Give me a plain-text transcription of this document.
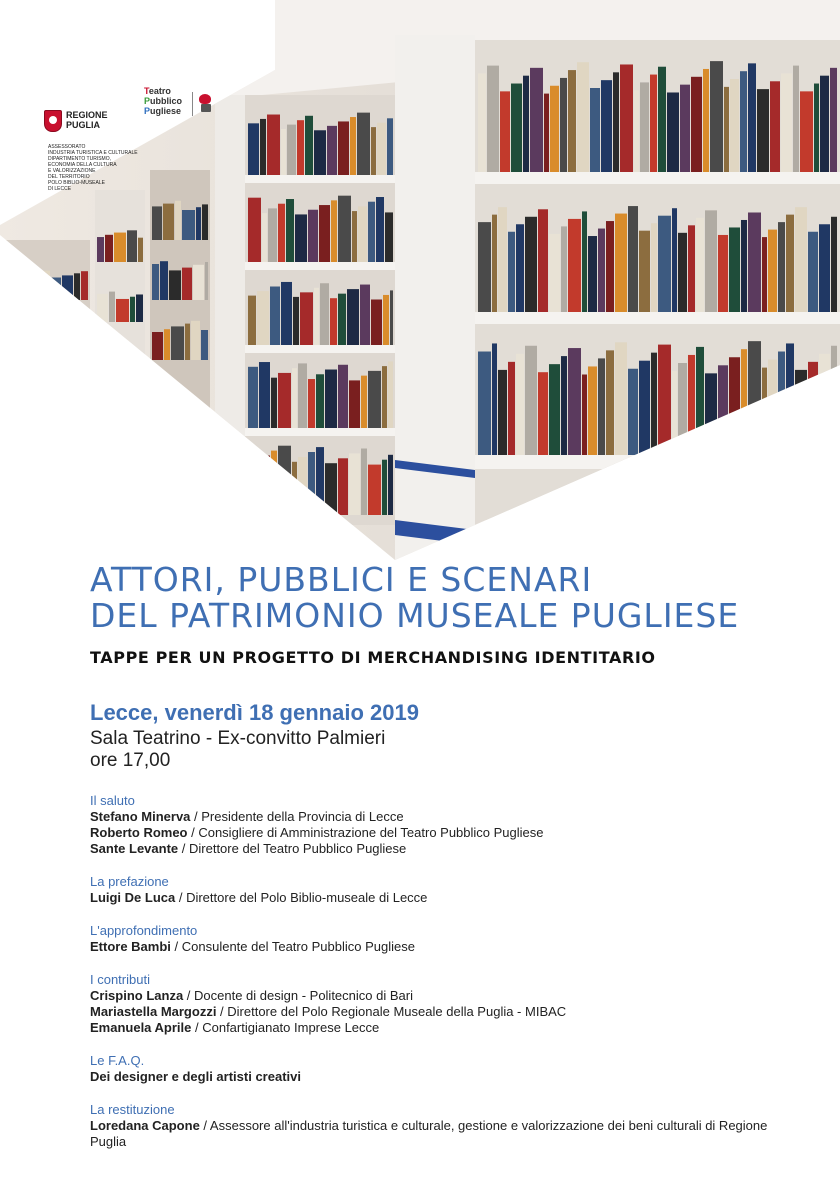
REGIONE
PUGLIA
ASSESSORATO
INDUSTRIA TURISTICA E CULTURALE
DIPARTIMENTO TURISMO,
ECONOMIA DELLA CULTURA
E VALORIZZAZIONE
DEL TERRITORIO
POLO BIBLIO-MUSEALE
DI LECCE
Teatro
Pubblico
Pugliese
ATTORI, PUBBLICI E SCENARI
DEL PATRIMONIO MUSEALE PUGLIESE
TAPPE PER UN PROGETTO DI MERCHANDISING IDENTITARIO
Lecce, venerdì 18 gennaio 2019
Sala Teatrino - Ex-convitto Palmieri
ore 17,00
Il saluto
Stefano Minerva / Presidente della Provincia di Lecce
Roberto Romeo / Consigliere di Amministrazione del Teatro Pubblico Pugliese
Sante Levante / Direttore del Teatro Pubblico Pugliese
La prefazione
Luigi De Luca / Direttore del Polo Biblio-museale di Lecce
L'approfondimento
Ettore Bambi / Consulente del Teatro Pubblico Pugliese
I contributi
Crispino Lanza / Docente di design - Politecnico di Bari
Mariastella Margozzi / Direttore del Polo Regionale Museale della Puglia - MIBAC
Emanuela Aprile / Confartigianato Imprese Lecce
Le F.A.Q.
Dei designer e degli artisti creativi
La restituzione
Loredana Capone / Assessore all'industria turistica e culturale, gestione e valorizzazione dei beni culturali di Regione Puglia
